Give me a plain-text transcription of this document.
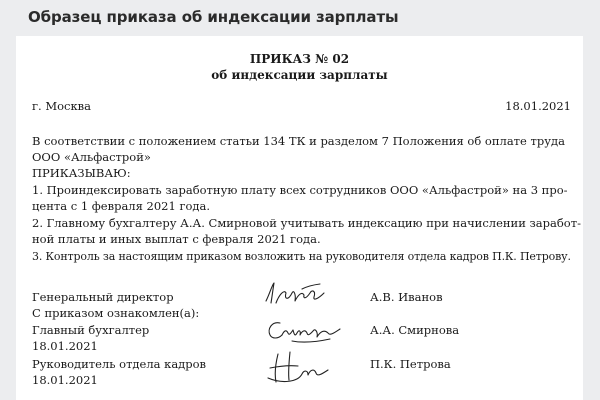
Образец приказа об индексации зарплаты
ПРИКАЗ № 02
об индексации зарплаты
г. Москва	18.01.2021
В соответствии с положением статьи 134 ТК и разделом 7 Положения об оплате труда
ООО «Альфастрой»
ПРИКАЗЫВАЮ:
1. Проиндексировать заработную плату всех сотрудников ООО «Альфастрой» на 3 про-
цента с 1 февраля 2021 года.
2. Главному бухгалтеру А.А. Смирновой учитывать индексацию при начислении заработ-
ной платы и иных выплат с февраля 2021 года.
3. Контроль за настоящим приказом возложить на руководителя отдела кадров П.К. Петрову.
Генеральный директор	А.В. Иванов
С приказом ознакомлен(а):
Главный бухгалтер
18.01.2021
А.А. Смирнова
Руководитель отдела кадров
18.01.2021
П.К. Петрова
